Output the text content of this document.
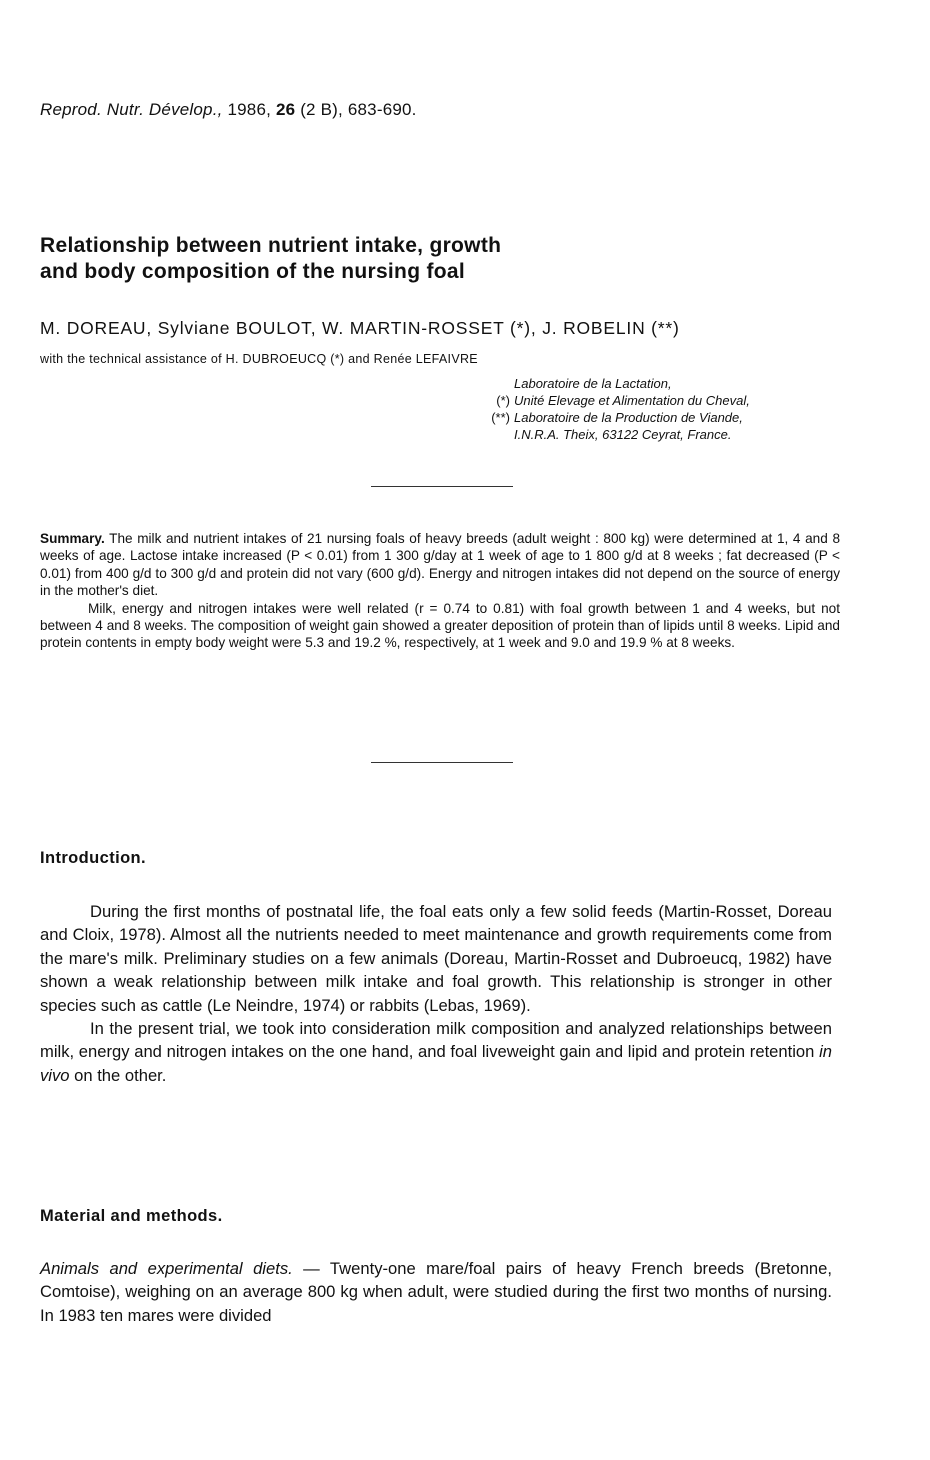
Reprod. Nutr. Dévelop., 1986, 26 (2 B), 683-690.
Relationship between nutrient intake, growth
and body composition of the nursing foal
M. DOREAU, Sylviane BOULOT, W. MARTIN-ROSSET (*), J. ROBELIN (**)
with the technical assistance of H. DUBROEUCQ (*) and Renée LEFAIVRE
Laboratoire de la Lactation,
(*) Unité Elevage et Alimentation du Cheval,
(**) Laboratoire de la Production de Viande,
I.N.R.A. Theix, 63122 Ceyrat, France.

Summary. The milk and nutrient intakes of 21 nursing foals of heavy breeds (adult weight : 800 kg) were determined at 1, 4 and 8 weeks of age. Lactose intake increased (P < 0.01) from 1 300 g/day at 1 week of age to 1 800 g/d at 8 weeks ; fat decreased (P < 0.01) from 400 g/d to 300 g/d and protein did not vary (600 g/d). Energy and nitrogen intakes did not depend on the source of energy in the mother's diet.

Milk, energy and nitrogen intakes were well related (r = 0.74 to 0.81) with foal growth between 1 and 4 weeks, but not between 4 and 8 weeks. The composition of weight gain showed a greater deposition of protein than of lipids until 8 weeks. Lipid and protein contents in empty body weight were 5.3 and 19.2 %, respectively, at 1 week and 9.0 and 19.9 % at 8 weeks.

Introduction.

During the first months of postnatal life, the foal eats only a few solid feeds (Martin-Rosset, Doreau and Cloix, 1978). Almost all the nutrients needed to meet maintenance and growth requirements come from the mare's milk. Preliminary studies on a few animals (Doreau, Martin-Rosset and Dubroeucq, 1982) have shown a weak relationship between milk intake and foal growth. This relationship is stronger in other species such as cattle (Le Neindre, 1974) or rabbits (Lebas, 1969).

In the present trial, we took into consideration milk composition and analyzed relationships between milk, energy and nitrogen intakes on the one hand, and foal liveweight gain and lipid and protein retention in vivo on the other.

Material and methods.

Animals and experimental diets. — Twenty-one mare/foal pairs of heavy French breeds (Bretonne, Comtoise), weighing on an average 800 kg when adult, were studied during the first two months of nursing. In 1983 ten mares were divided
